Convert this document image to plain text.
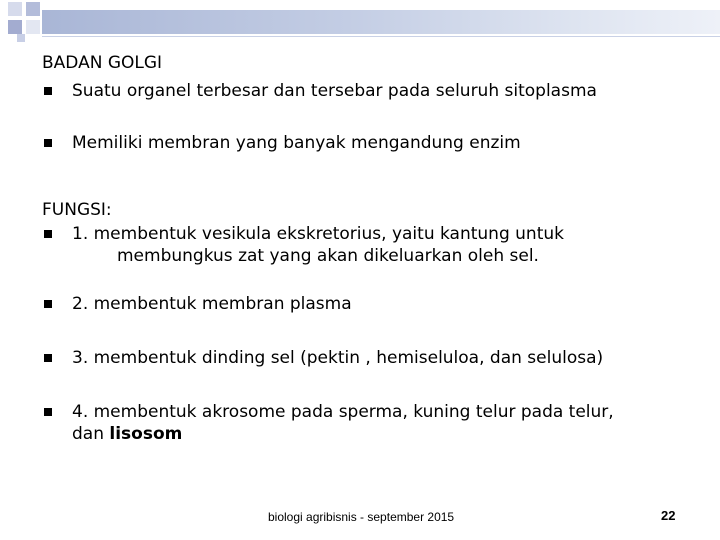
BADAN GOLGI
Suatu organel terbesar dan tersebar pada seluruh sitoplasma
Memiliki membran yang banyak mengandung enzim
FUNGSI:
1. membentuk vesikula ekskretorius, yaitu kantung untuk
membungkus zat yang akan dikeluarkan oleh sel.
2. membentuk membran plasma
3. membentuk dinding sel (pektin , hemiseluloa, dan selulosa)
4. membentuk akrosome pada sperma, kuning telur pada telur,
dan lisosom
biologi agribisnis - september 2015	22
